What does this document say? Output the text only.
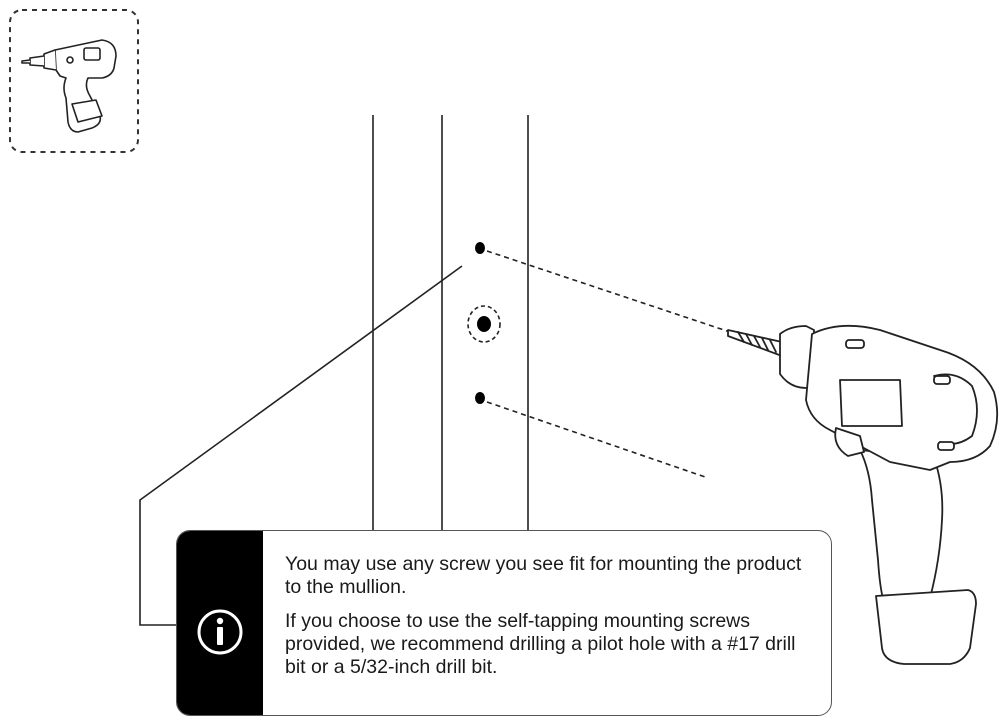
You may use any screw you see fit for mounting the product to the mullion.

If you choose to use the self-tapping mounting screws provided, we recommend drilling a pilot hole with a #17 drill bit or a 5/32-inch drill bit.
